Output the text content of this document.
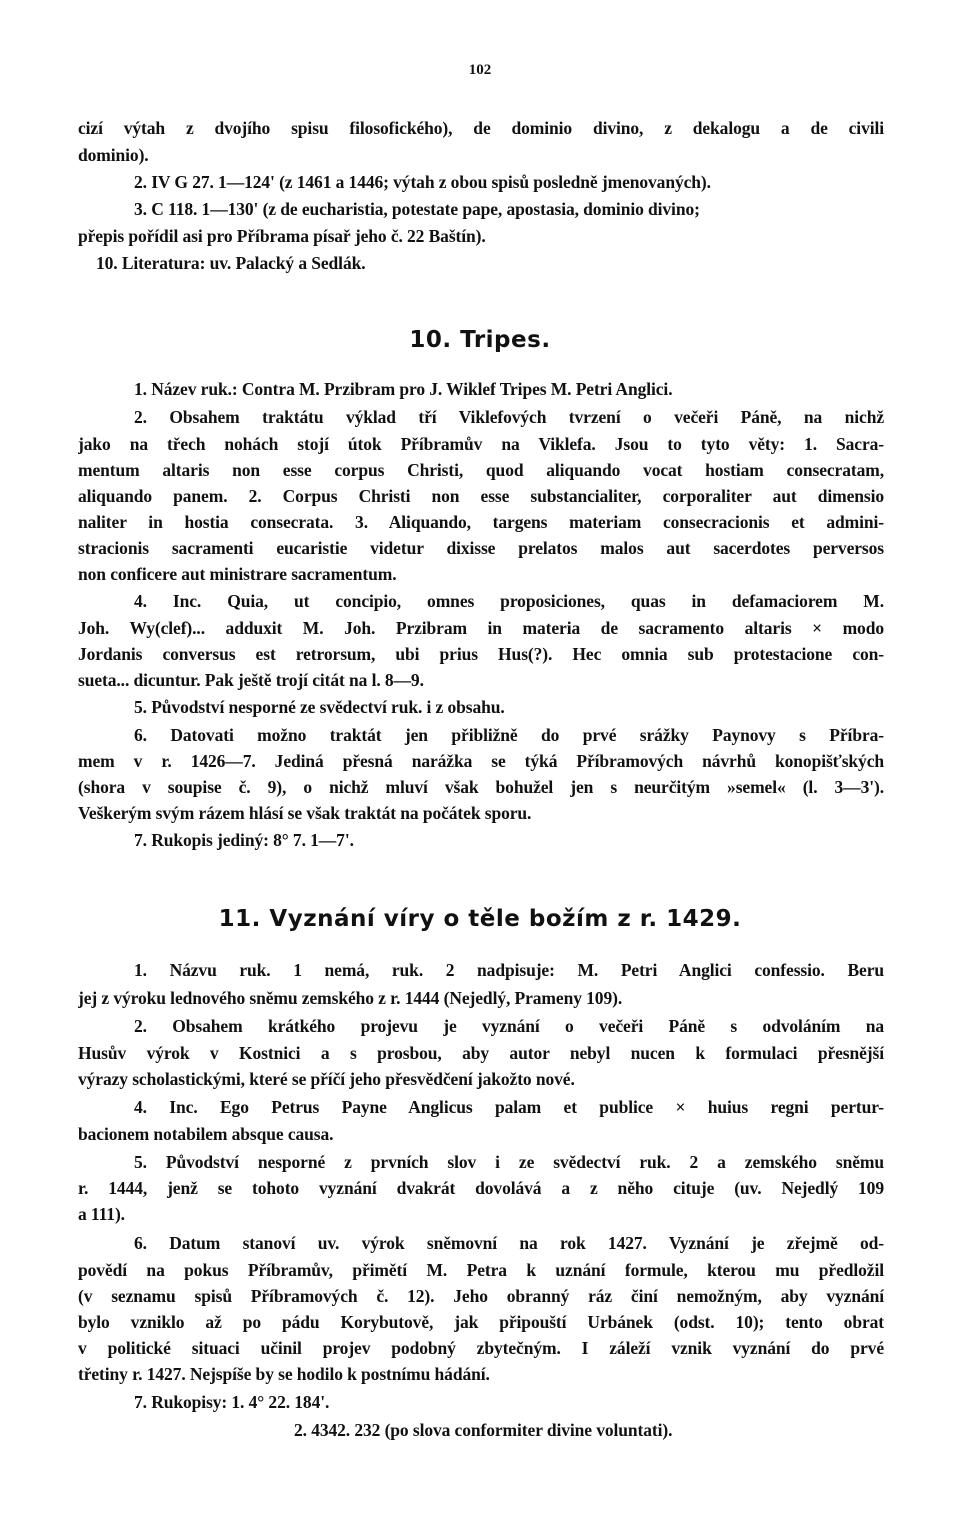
102
cizí výtah z dvojího spisu filosofického), de dominio divino, z dekalogu a de civili
dominio).
2. IV G 27. 1—124' (z 1461 a 1446; výtah z obou spisů posledně jmenovaných).
3. C 118. 1—130' (z de eucharistia, potestate pape, apostasia, dominio divino;
přepis pořídil asi pro Příbrama písař jeho č. 22 Baštín).
10. Literatura: uv. Palacký a Sedlák.
1. Název ruk.: Contra M. Przibram pro J. Wiklef Tripes M. Petri Anglici.
2. Obsahem traktátu výklad tří Viklefových tvrzení o večeři Páně, na nichž
jako na třech nohách stojí útok Příbramův na Viklefa. Jsou to tyto věty: 1. Sacra-
mentum altaris non esse corpus Christi, quod aliquando vocat hostiam consecratam,
aliquando panem. 2. Corpus Christi non esse substancialiter, corporaliter aut dimensio
naliter in hostia consecrata. 3. Aliquando, targens materiam consecracionis et admini-
stracionis sacramenti eucaristie videtur dixisse prelatos malos aut sacerdotes perversos
non conficere aut ministrare sacramentum.
4. Inc. Quia, ut concipio, omnes proposiciones, quas in defamaciorem M.
Joh. Wy(clef)... adduxit M. Joh. Przibram in materia de sacramento altaris × modo
Jordanis conversus est retrorsum, ubi prius Hus(?). Hec omnia sub protestacione con-
sueta... dicuntur. Pak ještě trojí citát na l. 8—9.
5. Původství nesporné ze svědectví ruk. i z obsahu.
6. Datovati možno traktát jen přibližně do prvé srážky Paynovy s Příbra-
mem v r. 1426—7. Jediná přesná narážka se týká Příbramových návrhů konopišťských
(shora v soupise č. 9), o nichž mluví však bohužel jen s neurčitým »semel« (l. 3—3').
Veškerým svým rázem hlásí se však traktát na počátek sporu.
7. Rukopis jediný: 8° 7. 1—7'.
1. Názvu ruk. 1 nemá, ruk. 2 nadpisuje: M. Petri Anglici confessio. Beru
jej z výroku lednového sněmu zemského z r. 1444 (Nejedlý, Prameny 109).
2. Obsahem krátkého projevu je vyznání o večeři Páně s odvoláním na
Husův výrok v Kostnici a s prosbou, aby autor nebyl nucen k formulaci přesnější
výrazy scholastickými, které se příčí jeho přesvědčení jakožto nové.
4. Inc. Ego Petrus Payne Anglicus palam et publice × huius regni pertur-
bacionem notabilem absque causa.
5. Původství nesporné z prvních slov i ze svědectví ruk. 2 a zemského sněmu
r. 1444, jenž se tohoto vyznání dvakrát dovolává a z něho cituje (uv. Nejedlý 109
a 111).
6. Datum stanoví uv. výrok sněmovní na rok 1427. Vyznání je zřejmě od-
povědí na pokus Příbramův, přimětí M. Petra k uznání formule, kterou mu předložil
(v seznamu spisů Příbramových č. 12). Jeho obranný ráz činí nemožným, aby vyznání
bylo vzniklo až po pádu Korybutově, jak připouští Urbánek (odst. 10); tento obrat
v politické situaci učinil projev podobný zbytečným. I záleží vznik vyznání do prvé
třetiny r. 1427. Nejspíše by se hodilo k postnímu hádání.
7. Rukopisy: 1. 4° 22. 184'.
2. 4342. 232 (po slova conformiter divine voluntati).
10. Tripes.
11. Vyznání víry o těle božím z r. 1429.
